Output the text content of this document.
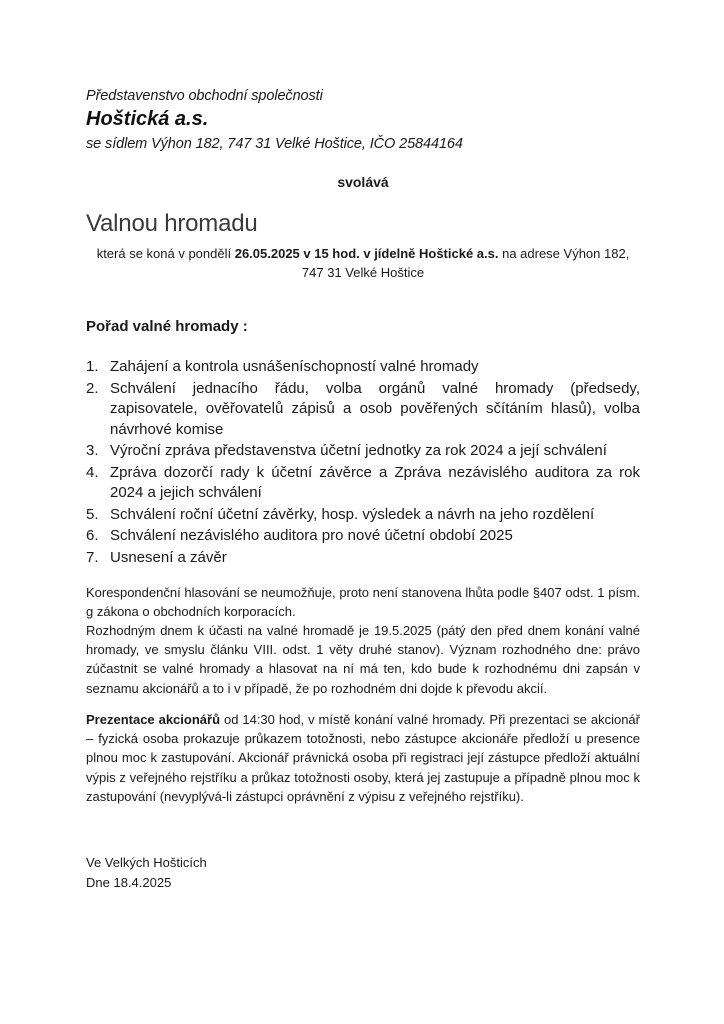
Představenstvo obchodní společnosti
Hoštická a.s.
se sídlem Výhon 182, 747 31 Velké Hoštice, IČO 25844164
svolává
Valnou hromadu
která se koná v pondělí 26.05.2025 v 15 hod. v jídelně Hoštické a.s. na adrese Výhon 182, 747 31 Velké Hoštice
Pořad valné hromady :
1. Zahájení a kontrola usnášeníschopností valné hromady
2. Schválení jednacího řádu, volba orgánů valné hromady (předsedy, zapisovatele, ověřovatelů zápisů a osob pověřených sčítáním hlasů), volba návrhové komise
3. Výroční zpráva představenstva účetní jednotky za rok 2024 a její schválení
4. Zpráva dozorčí rady k účetní závěrce a Zpráva nezávislého auditora za rok 2024 a jejich schválení
5. Schválení roční účetní závěrky, hosp. výsledek a návrh na jeho rozdělení
6. Schválení nezávislého auditora pro nové účetní období 2025
7. Usnesení a závěr

Korespondenční hlasování se neumožňuje, proto není stanovena lhůta podle §407 odst. 1 písm. g zákona o obchodních korporacích.

Rozhodným dnem k účasti na valné hromadě je 19.5.2025 (pátý den před dnem konání valné hromady, ve smyslu článku VIII. odst. 1 věty druhé stanov). Význam rozhodného dne: právo zúčastnit se valné hromady a hlasovat na ní má ten, kdo bude k rozhodnému dni zapsán v seznamu akcionářů a to i v případě, že po rozhodném dni dojde k převodu akcií.

Prezentace akcionářů od 14:30 hod, v místě konání valné hromady. Při prezentaci se akcionář – fyzická osoba prokazuje průkazem totožnosti, nebo zástupce akcionáře předloží u presence plnou moc k zastupování. Akcionář právnická osoba při registraci její zástupce předloží aktuální výpis z veřejného rejstříku a průkaz totožnosti osoby, která jej zastupuje a případně plnou moc k zastupování (nevyplývá-li zástupci oprávnění z výpisu z veřejného rejstříku).

Ve Velkých Hošticích
Dne 18.4.2025
